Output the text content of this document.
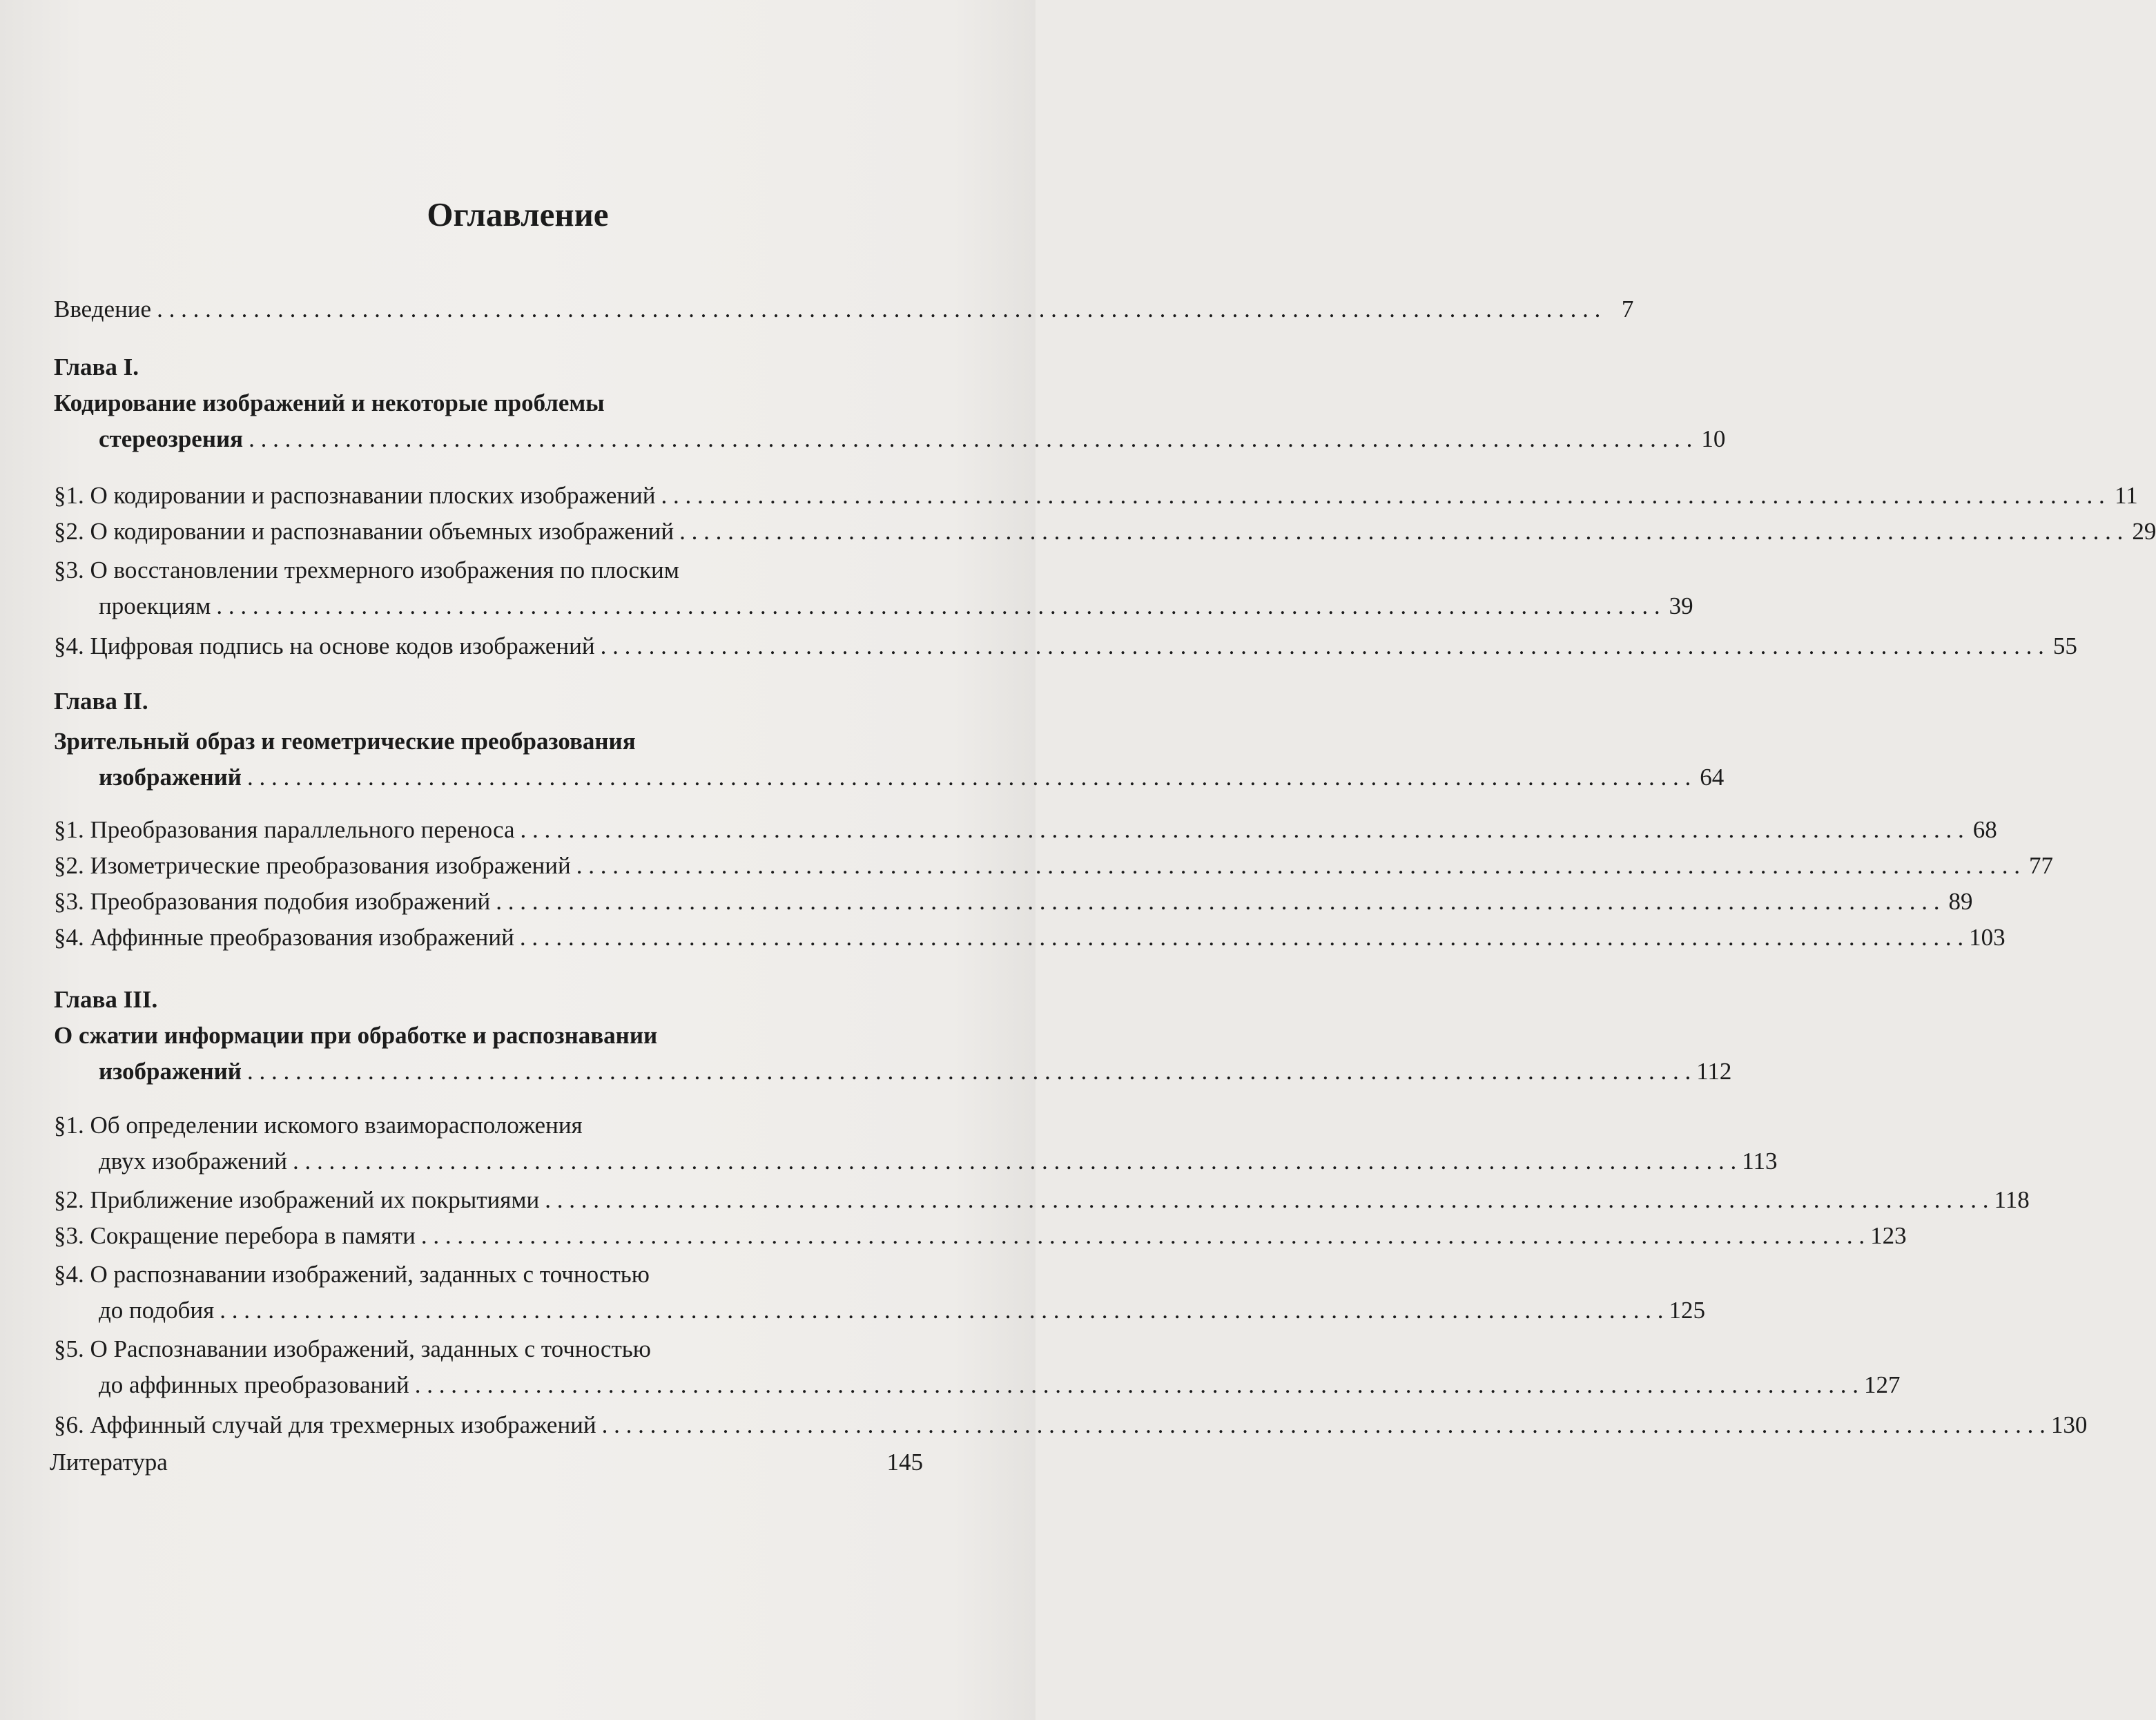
Оглавление
Введение . . . . . . . . . . . . . . . . . . . . . . . . . . . . . . . . . . . . . . . . . . . . . . . . . . . . . . . . . . . . . . . . . . . . . . . . . . . . . . . . . . . . . . . . . . . . . . . . . . . . . . . . . . . . . . . . . . . . . . . . 7
Глава I.
Кодирование изображений и некоторые проблемы
стереозрения . . . . . . . . . . . . . . . . . . . . . . . . . . . . . . . . . . . . . . . . . . . . . . . . . . . . . . . . . . . . . . . . . . . . . . . . . . . . . . . . . . . . . . . . . . . . . . . . . . . . . . . . . . . . . . . . . . . . . . . . 10
§1. О кодировании и распознавании плоских изображений . . . . . . . . . . . . . . . . . . . . . . . . . . . . . . . . . . . . . . . . . . . . . . . . . . . . . . . . . . . . . . . . . . . . . . . . . . . . . . . . . . . . . . . . . . . . . . . . . . . . . . . . . . . . . . . . . . . . . . . . 11
§2. О кодировании и распознавании объемных изображений . . . . . . . . . . . . . . . . . . . . . . . . . . . . . . . . . . . . . . . . . . . . . . . . . . . . . . . . . . . . . . . . . . . . . . . . . . . . . . . . . . . . . . . . . . . . . . . . . . . . . . . . . . . . . . . . . . . . . . . . 29
§3. О восстановлении трехмерного изображения по плоским
проекциям . . . . . . . . . . . . . . . . . . . . . . . . . . . . . . . . . . . . . . . . . . . . . . . . . . . . . . . . . . . . . . . . . . . . . . . . . . . . . . . . . . . . . . . . . . . . . . . . . . . . . . . . . . . . . . . . . . . . . . . . 39
§4. Цифровая подпись на основе кодов изображений . . . . . . . . . . . . . . . . . . . . . . . . . . . . . . . . . . . . . . . . . . . . . . . . . . . . . . . . . . . . . . . . . . . . . . . . . . . . . . . . . . . . . . . . . . . . . . . . . . . . . . . . . . . . . . . . . . . . . . . . 55
Глава II.
Зрительный образ и геометрические преобразования
изображений . . . . . . . . . . . . . . . . . . . . . . . . . . . . . . . . . . . . . . . . . . . . . . . . . . . . . . . . . . . . . . . . . . . . . . . . . . . . . . . . . . . . . . . . . . . . . . . . . . . . . . . . . . . . . . . . . . . . . . . . 64
§1. Преобразования параллельного переноса . . . . . . . . . . . . . . . . . . . . . . . . . . . . . . . . . . . . . . . . . . . . . . . . . . . . . . . . . . . . . . . . . . . . . . . . . . . . . . . . . . . . . . . . . . . . . . . . . . . . . . . . . . . . . . . . . . . . . . . . 68
§2. Изометрические преобразования изображений . . . . . . . . . . . . . . . . . . . . . . . . . . . . . . . . . . . . . . . . . . . . . . . . . . . . . . . . . . . . . . . . . . . . . . . . . . . . . . . . . . . . . . . . . . . . . . . . . . . . . . . . . . . . . . . . . . . . . . . . 77
§3. Преобразования подобия изображений . . . . . . . . . . . . . . . . . . . . . . . . . . . . . . . . . . . . . . . . . . . . . . . . . . . . . . . . . . . . . . . . . . . . . . . . . . . . . . . . . . . . . . . . . . . . . . . . . . . . . . . . . . . . . . . . . . . . . . . . 89
§4. Аффинные преобразования изображений . . . . . . . . . . . . . . . . . . . . . . . . . . . . . . . . . . . . . . . . . . . . . . . . . . . . . . . . . . . . . . . . . . . . . . . . . . . . . . . . . . . . . . . . . . . . . . . . . . . . . . . . . . . . . . . . . . . . . . . . 103
Глава III.
О сжатии информации при обработке и распознавании
изображений . . . . . . . . . . . . . . . . . . . . . . . . . . . . . . . . . . . . . . . . . . . . . . . . . . . . . . . . . . . . . . . . . . . . . . . . . . . . . . . . . . . . . . . . . . . . . . . . . . . . . . . . . . . . . . . . . . . . . . . . 112
§1. Об определении искомого взаиморасположения
двух изображений . . . . . . . . . . . . . . . . . . . . . . . . . . . . . . . . . . . . . . . . . . . . . . . . . . . . . . . . . . . . . . . . . . . . . . . . . . . . . . . . . . . . . . . . . . . . . . . . . . . . . . . . . . . . . . . . . . . . . . . . 113
§2. Приближение изображений их покрытиями . . . . . . . . . . . . . . . . . . . . . . . . . . . . . . . . . . . . . . . . . . . . . . . . . . . . . . . . . . . . . . . . . . . . . . . . . . . . . . . . . . . . . . . . . . . . . . . . . . . . . . . . . . . . . . . . . . . . . . . . 118
§3. Сокращение перебора в памяти . . . . . . . . . . . . . . . . . . . . . . . . . . . . . . . . . . . . . . . . . . . . . . . . . . . . . . . . . . . . . . . . . . . . . . . . . . . . . . . . . . . . . . . . . . . . . . . . . . . . . . . . . . . . . . . . . . . . . . . . 123
§4. О распознавании изображений, заданных с точностью
до подобия . . . . . . . . . . . . . . . . . . . . . . . . . . . . . . . . . . . . . . . . . . . . . . . . . . . . . . . . . . . . . . . . . . . . . . . . . . . . . . . . . . . . . . . . . . . . . . . . . . . . . . . . . . . . . . . . . . . . . . . . 125
§5. О Распознавании изображений, заданных с точностью
до аффинных преобразований . . . . . . . . . . . . . . . . . . . . . . . . . . . . . . . . . . . . . . . . . . . . . . . . . . . . . . . . . . . . . . . . . . . . . . . . . . . . . . . . . . . . . . . . . . . . . . . . . . . . . . . . . . . . . . . . . . . . . . . . 127
§6. Аффинный случай для трехмерных изображений . . . . . . . . . . . . . . . . . . . . . . . . . . . . . . . . . . . . . . . . . . . . . . . . . . . . . . . . . . . . . . . . . . . . . . . . . . . . . . . . . . . . . . . . . . . . . . . . . . . . . . . . . . . . . . . . . . . . . . . . 130
Литература	145
